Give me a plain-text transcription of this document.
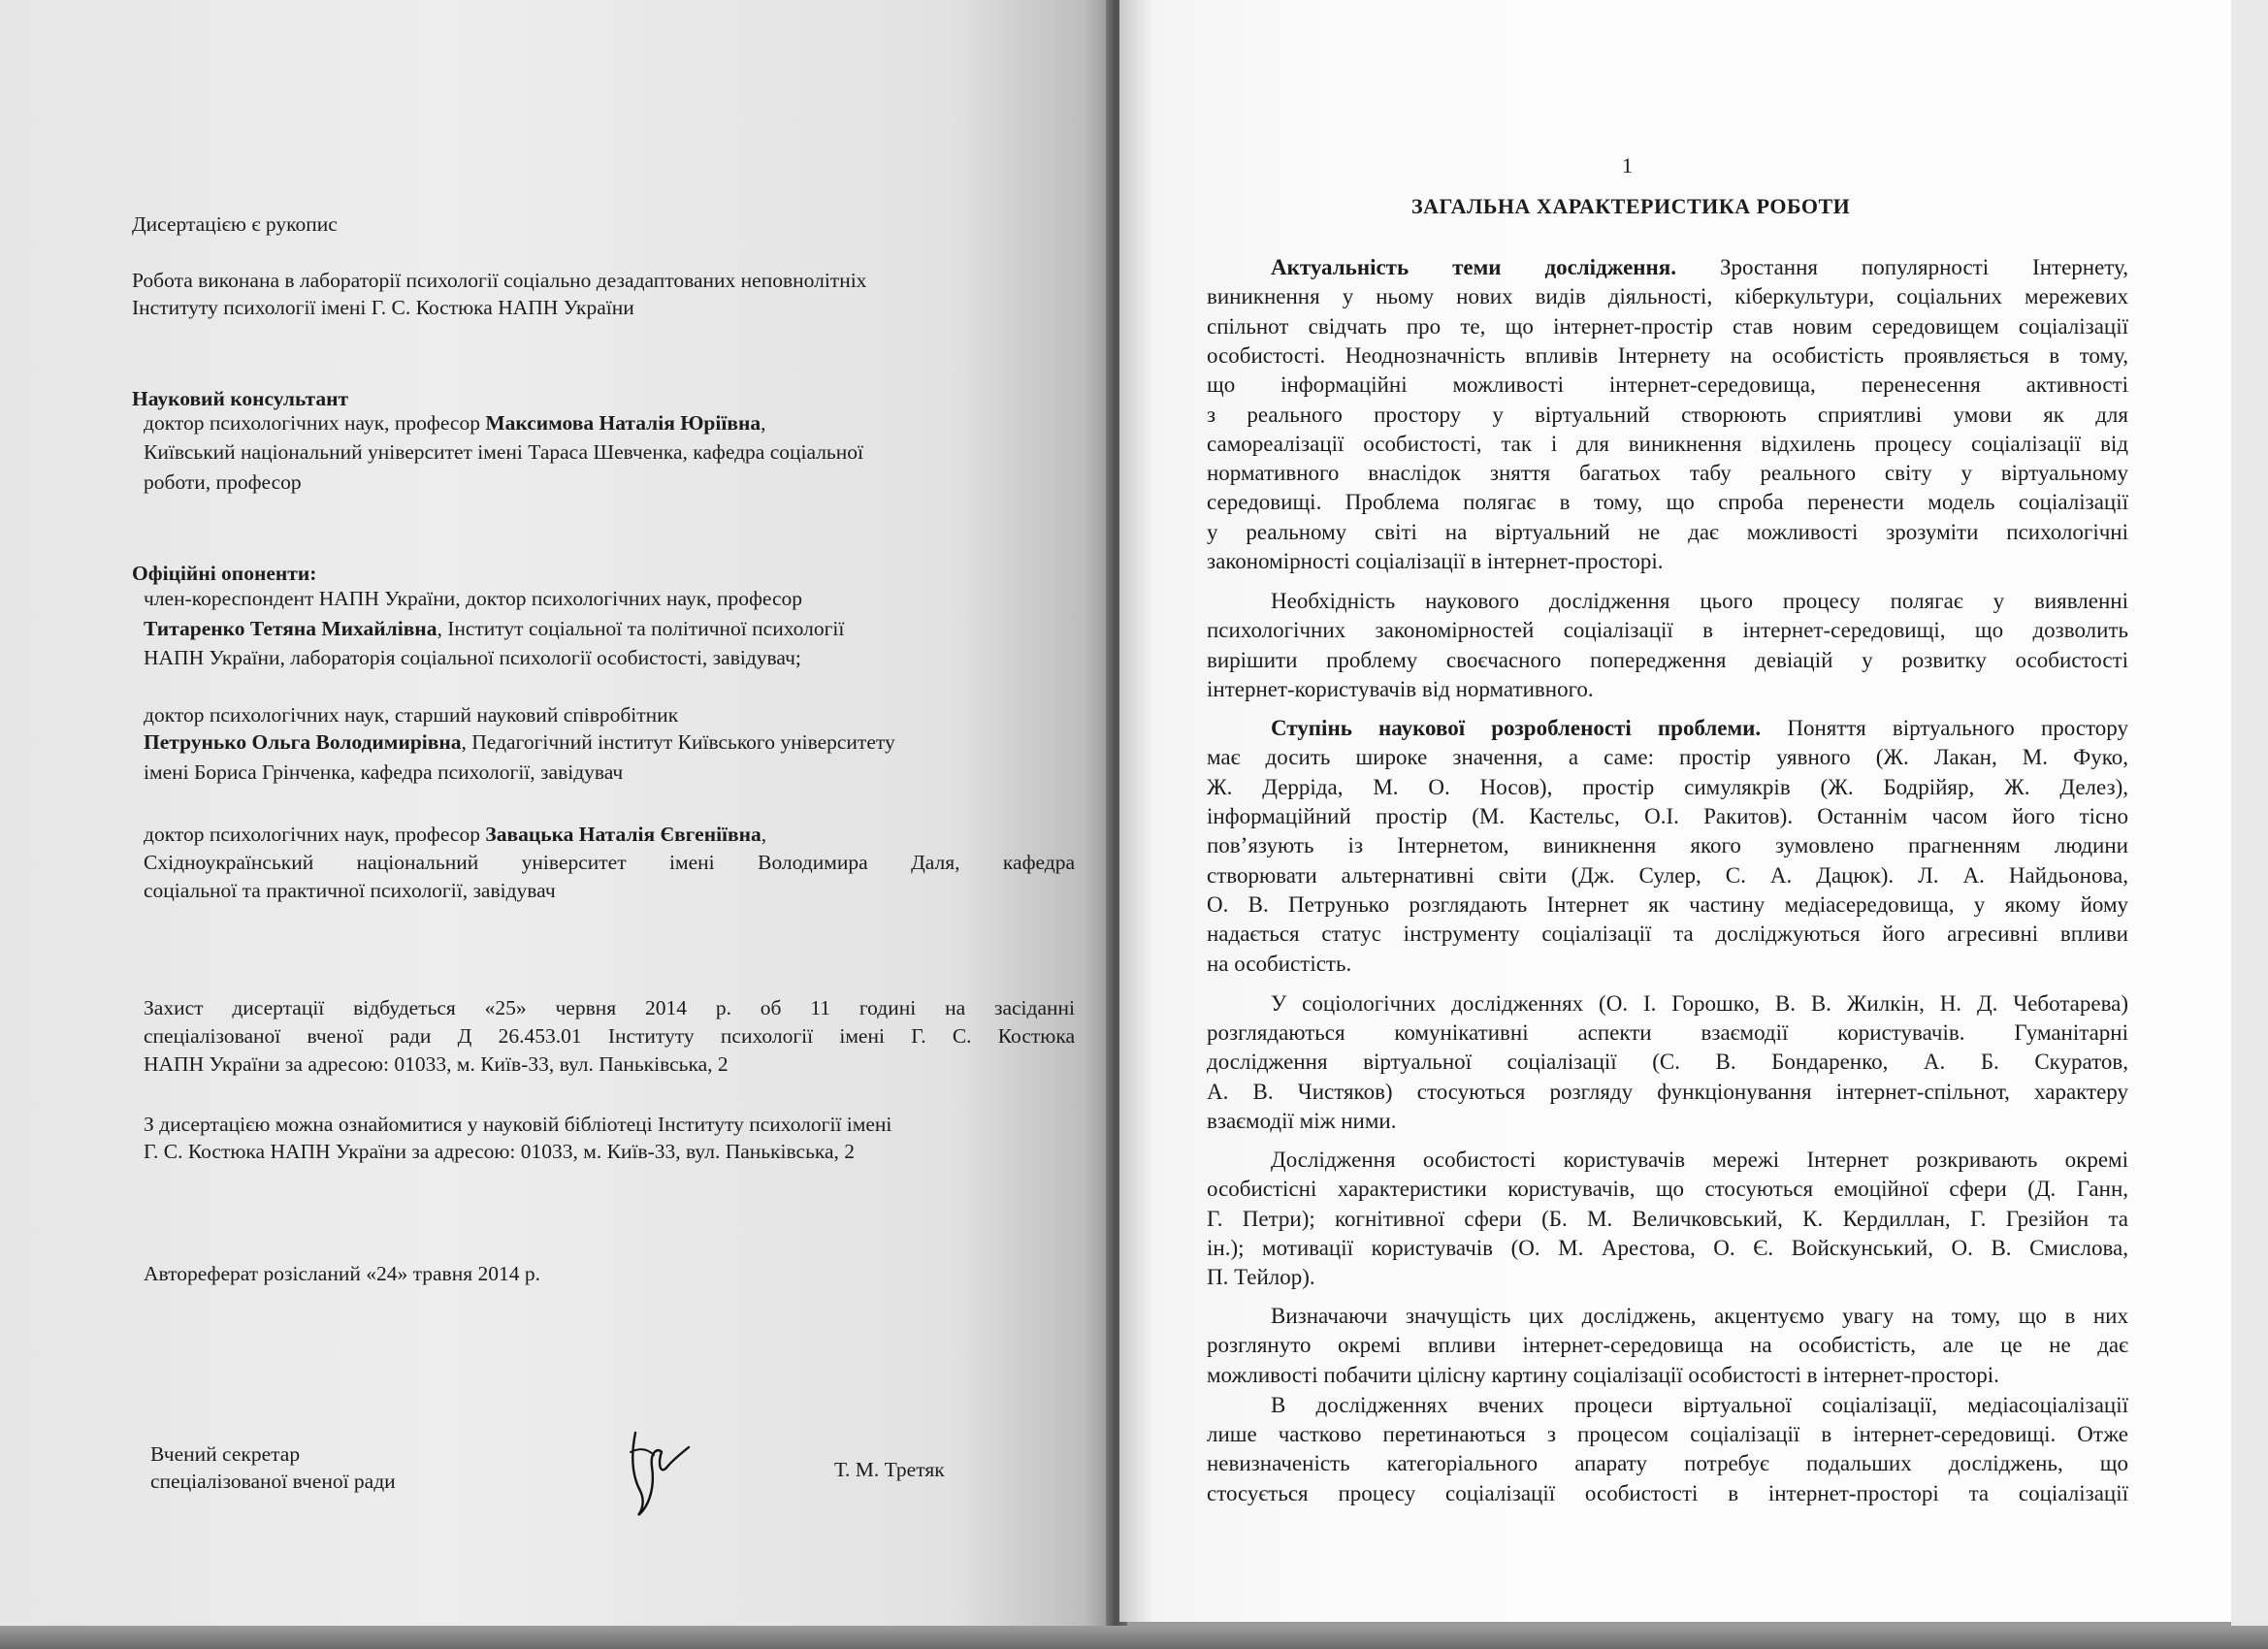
Дисертацією є рукопис
Робота виконана в лабораторії психології соціально дезадаптованих неповнолітніх
Інституту психології імені Г. С. Костюка НАПН України
Науковий консультант
доктор психологічних наук, професор Максимова Наталія Юріївна,
Київський національний університет імені Тараса Шевченка, кафедра соціальної
роботи, професор
Офіційні опоненти:
член-кореспондент НАПН України, доктор психологічних наук, професор
Титаренко Тетяна Михайлівна, Інститут соціальної та політичної психології
НАПН України, лабораторія соціальної психології особистості, завідувач;
доктор психологічних наук, старший науковий співробітник
Петрунько Ольга Володимирівна, Педагогічний інститут Київського університету
імені Бориса Грінченка, кафедра психології, завідувач
доктор психологічних наук, професор Завацька Наталія Євгеніївна,
Східноукраїнський національний університет імені Володимира Даля, кафедра
соціальної та практичної психології, завідувач
Захист дисертації відбудеться «25» червня 2014 р. об 11 годині на засіданні
спеціалізованої вченої ради Д 26.453.01 Інституту психології імені Г. С. Костюка
НАПН України за адресою: 01033, м. Київ-33, вул. Паньківська, 2
З дисертацією можна ознайомитися у науковій бібліотеці Інституту психології імені
Г. С. Костюка НАПН України за адресою: 01033, м. Київ-33, вул. Паньківська, 2
Автореферат розісланий «24» травня 2014 р.
Вчений секретар
спеціалізованої вченої ради	Т. М. Третяк
1
ЗАГАЛЬНА ХАРАКТЕРИСТИКА РОБОТИ
Актуальність теми дослідження. Зростання популярності Інтернету,
виникнення у ньому нових видів діяльності, кіберкультури, соціальних мережевих
спільнот свідчать про те, що інтернет-простір став новим середовищем соціалізації
особистості. Неоднозначність впливів Інтернету на особистість проявляється в тому,
що інформаційні можливості інтернет-середовища, перенесення активності
з реального простору у віртуальний створюють сприятливі умови як для
самореалізації особистості, так і для виникнення відхилень процесу соціалізації від
нормативного внаслідок зняття багатьох табу реального світу у віртуальному
середовищі. Проблема полягає в тому, що спроба перенести модель соціалізації
у реальному світі на віртуальний не дає можливості зрозуміти психологічні
закономірності соціалізації в інтернет-просторі.
Необхідність наукового дослідження цього процесу полягає у виявленні
психологічних закономірностей соціалізації в інтернет-середовищі, що дозволить
вирішити проблему своєчасного попередження девіацій у розвитку особистості
інтернет-користувачів від нормативного.
Ступінь наукової розробленості проблеми. Поняття віртуального простору
має досить широке значення, а саме: простір уявного (Ж. Лакан, М. Фуко,
Ж. Дерріда, М. О. Носов), простір симулякрів (Ж. Бодрійяр, Ж. Делез),
інформаційний простір (М. Кастельс, О.І. Ракитов). Останнім часом його тісно
пов’язують із Інтернетом, виникнення якого зумовлено прагненням людини
створювати альтернативні світи (Дж. Сулер, С. А. Дацюк). Л. А. Найдьонова,
О. В. Петрунько розглядають Інтернет як частину медіасередовища, у якому йому
надається статус інструменту соціалізації та досліджуються його агресивні впливи
на особистість.
У соціологічних дослідженнях (О. І. Горошко, В. В. Жилкін, Н. Д. Чеботарева)
розглядаються комунікативні аспекти взаємодії користувачів. Гуманітарні
дослідження віртуальної соціалізації (С. В. Бондаренко, А. Б. Скуратов,
А. В. Чистяков) стосуються розгляду функціонування інтернет-спільнот, характеру
взаємодії між ними.
Дослідження особистості користувачів мережі Інтернет розкривають окремі
особистісні характеристики користувачів, що стосуються емоційної сфери (Д. Ганн,
Г. Петри); когнітивної сфери (Б. М. Величковський, К. Кердиллан, Г. Грезійон та
ін.); мотивації користувачів (О. М. Арестова, О. Є. Войскунський, О. В. Смислова,
П. Тейлор).
Визначаючи значущість цих досліджень, акцентуємо увагу на тому, що в них
розглянуто окремі впливи інтернет-середовища на особистість, але це не дає
можливості побачити цілісну картину соціалізації особистості в інтернет-просторі.
В дослідженнях вчених процеси віртуальної соціалізації, медіасоціалізації
лише частково перетинаються з процесом соціалізації в інтернет-середовищі. Отже
невизначеність категоріального апарату потребує подальших досліджень, що
стосується процесу соціалізації особистості в інтернет-просторі та соціалізації
